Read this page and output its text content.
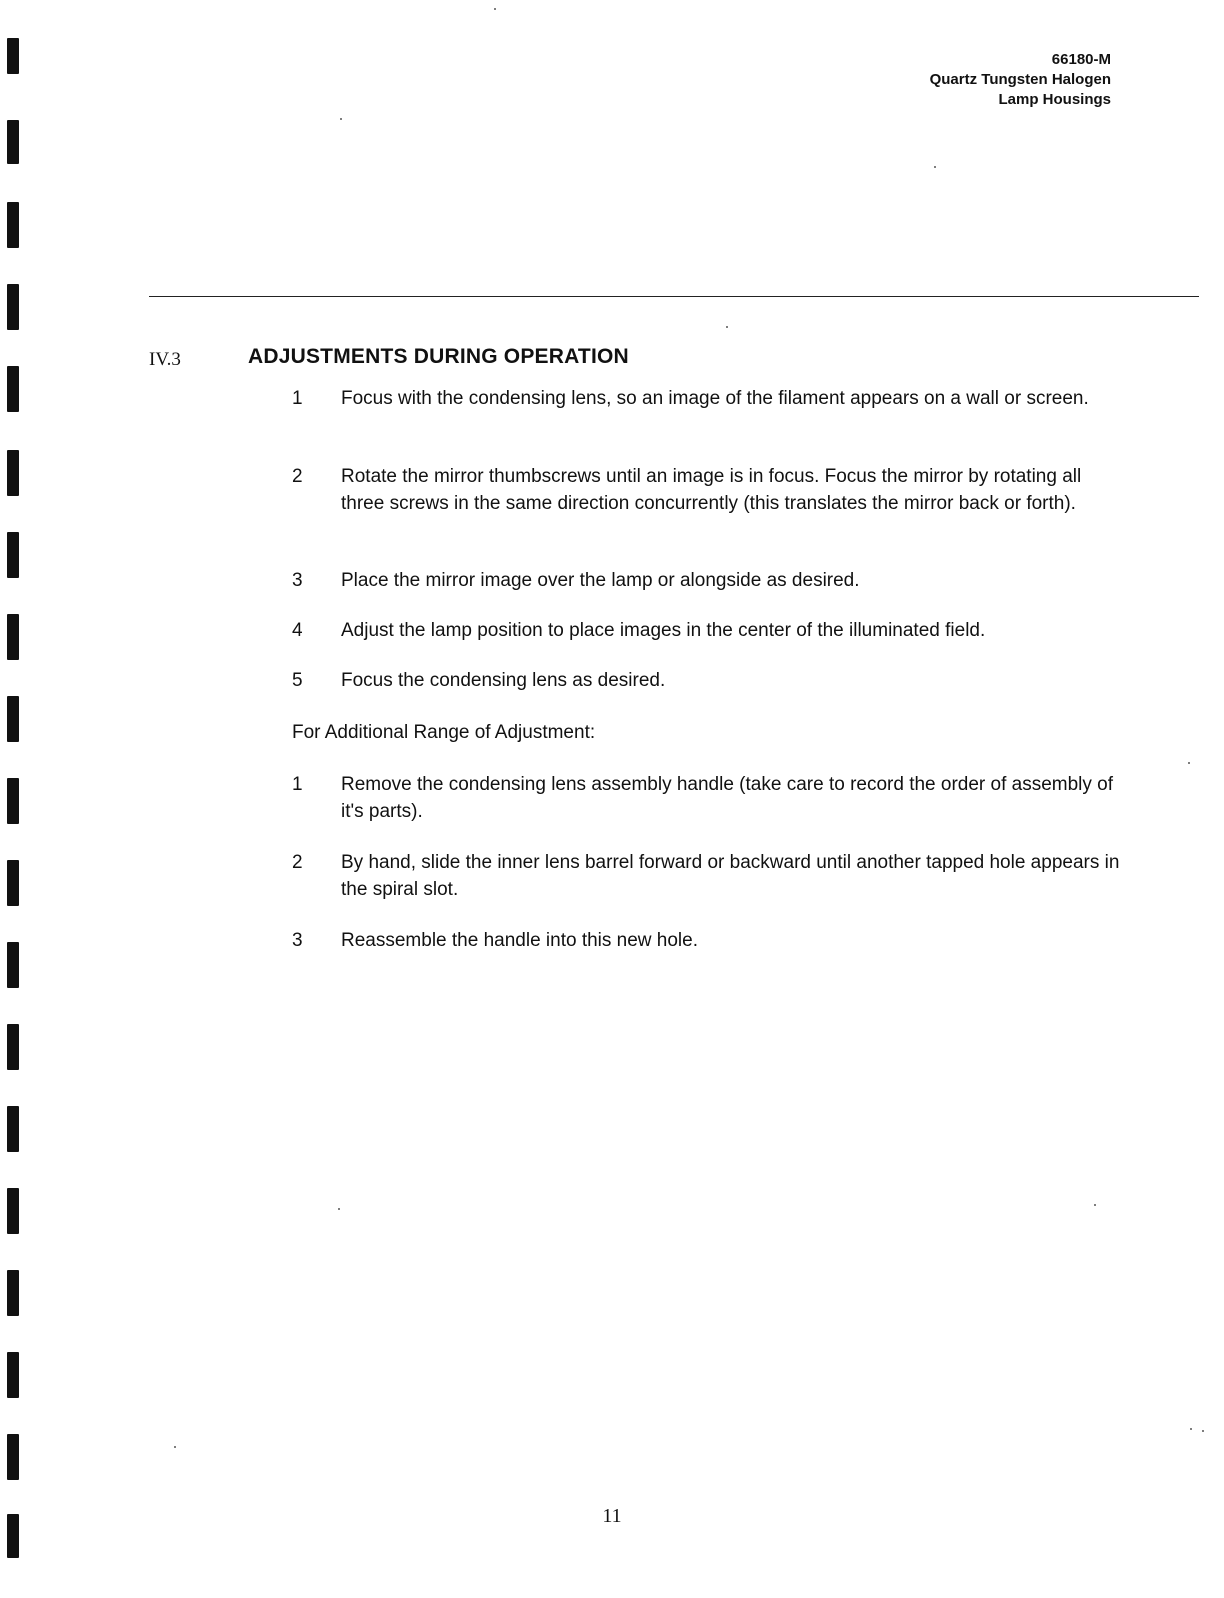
66180-M
Quartz Tungsten Halogen
Lamp Housings
IV.3	ADJUSTMENTS DURING OPERATION
1	Focus with the condensing lens, so an image of the filament appears on a wall or screen.
2	Rotate the mirror thumbscrews until an image is in focus. Focus the mirror by rotating all three screws in the same direction concurrently (this translates the mirror back or forth).
3	Place the mirror image over the lamp or alongside as desired.
4	Adjust the lamp position to place images in the center of the illuminated field.
5	Focus the condensing lens as desired.
For Additional Range of Adjustment:
1	Remove the condensing lens assembly handle (take care to record the order of assembly of it's parts).
2	By hand, slide the inner lens barrel forward or backward until another tapped hole appears in the spiral slot.
3	Reassemble the handle into this new hole.
11
